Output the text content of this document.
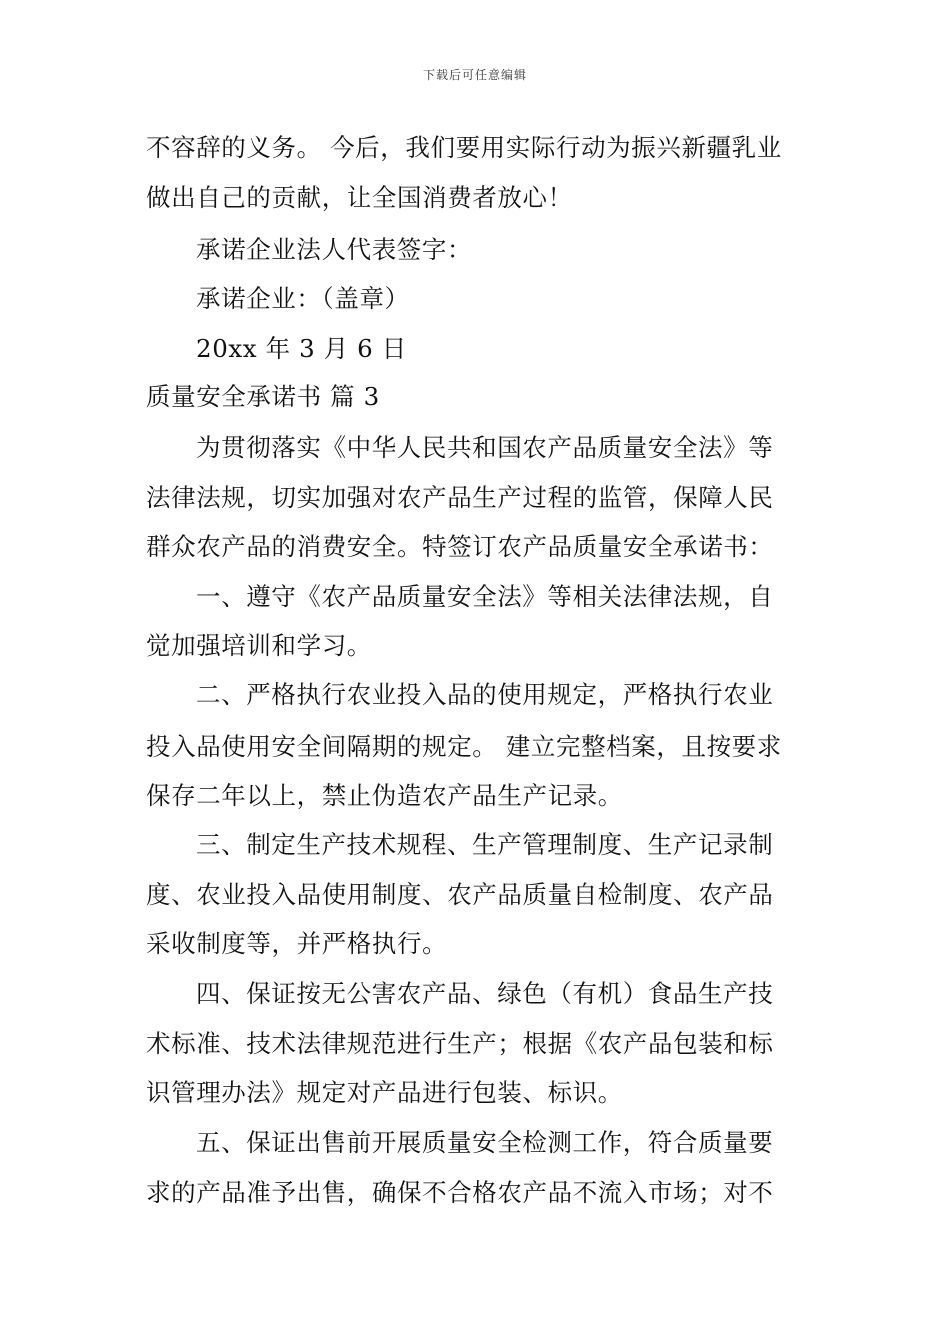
下载后可任意编辑
不容辞的义务。 今后，我们要用实际行动为振兴新疆乳业
做出自己的贡献，让全国消费者放心！
承诺企业法人代表签字：
承诺企业：（盖章）
20xx 年 3 月 6 日
质量安全承诺书 篇 3
为贯彻落实《中华人民共和国农产品质量安全法》等
法律法规，切实加强对农产品生产过程的监管，保障人民
群众农产品的消费安全。特签订农产品质量安全承诺书：
一、遵守《农产品质量安全法》等相关法律法规，自
觉加强培训和学习。
二、严格执行农业投入品的使用规定，严格执行农业
投入品使用安全间隔期的规定。 建立完整档案，且按要求
保存二年以上，禁止伪造农产品生产记录。
三、制定生产技术规程、生产管理制度、生产记录制
度、农业投入品使用制度、农产品质量自检制度、农产品
采收制度等，并严格执行。
四、保证按无公害农产品、绿色（有机）食品生产技
术标准、技术法律规范进行生产；根据《农产品包装和标
识管理办法》规定对产品进行包装、标识。
五、保证出售前开展质量安全检测工作，符合质量要
求的产品准予出售，确保不合格农产品不流入市场；对不
